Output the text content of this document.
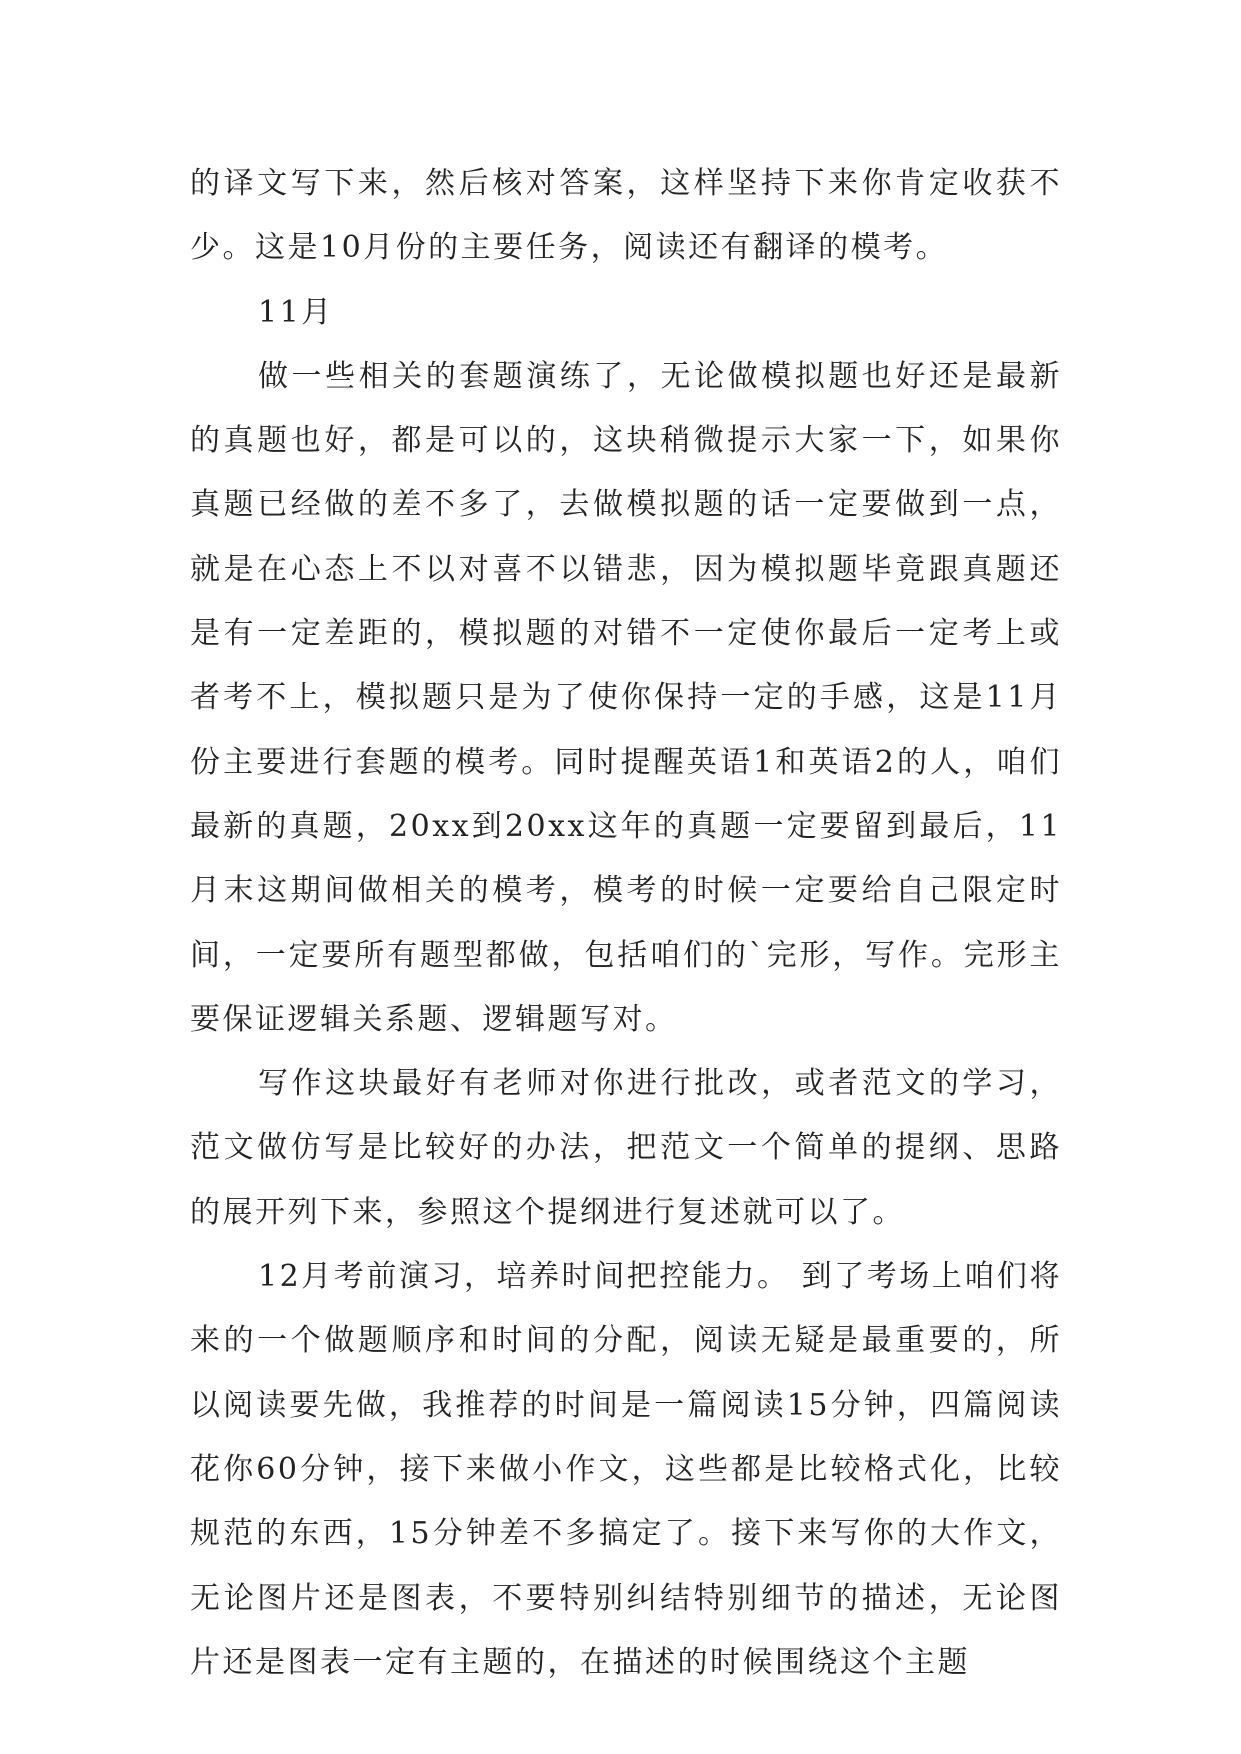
的译文写下来，然后核对答案，这样坚持下来你肯定收获不少。这是10月份的主要任务，阅读还有翻译的模考。

11月

做一些相关的套题演练了，无论做模拟题也好还是最新的真题也好，都是可以的，这块稍微提示大家一下，如果你真题已经做的差不多了，去做模拟题的话一定要做到一点，就是在心态上不以对喜不以错悲，因为模拟题毕竟跟真题还是有一定差距的，模拟题的对错不一定使你最后一定考上或者考不上，模拟题只是为了使你保持一定的手感，这是11月份主要进行套题的模考。同时提醒英语1和英语2的人，咱们最新的真题，20xx到20xx这年的真题一定要留到最后，11月末这期间做相关的模考，模考的时候一定要给自己限定时间，一定要所有题型都做，包括咱们的`完形，写作。完形主要保证逻辑关系题、逻辑题写对。

写作这块最好有老师对你进行批改，或者范文的学习，范文做仿写是比较好的办法，把范文一个简单的提纲、思路的展开列下来，参照这个提纲进行复述就可以了。

12月考前演习，培养时间把控能力。 到了考场上咱们将来的一个做题顺序和时间的分配，阅读无疑是最重要的，所以阅读要先做，我推荐的时间是一篇阅读15分钟，四篇阅读花你60分钟，接下来做小作文，这些都是比较格式化，比较规范的东西，15分钟差不多搞定了。接下来写你的大作文，无论图片还是图表，不要特别纠结特别细节的描述，无论图片还是图表一定有主题的，在描述的时候围绕这个主题
